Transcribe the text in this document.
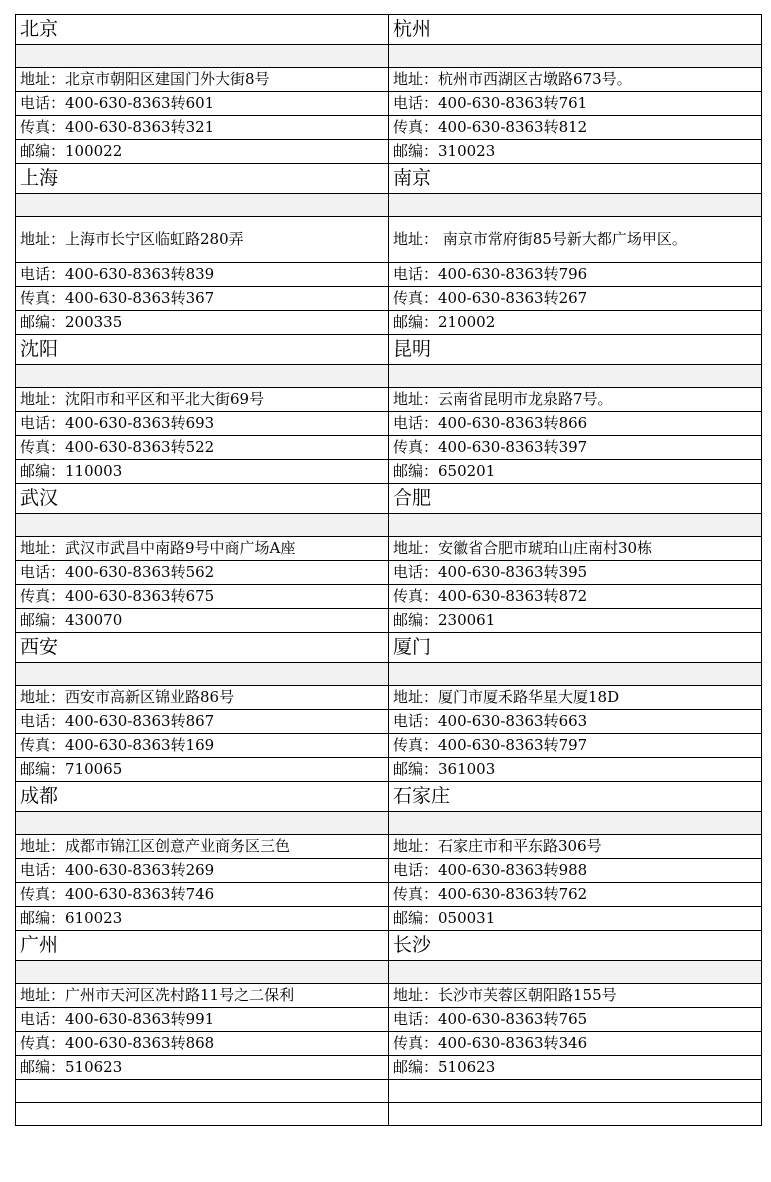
北京	杭州

地址：北京市朝阳区建国门外大街8号	地址：杭州市西湖区古墩路673号。
电话：400-630-8363转601	电话：400-630-8363转761
传真：400-630-8363转321	传真：400-630-8363转812
邮编：100022	邮编：310023
上海	南京

地址：上海市长宁区临虹路280弄	地址： 南京市常府街85号新大都广场甲区。
电话：400-630-8363转839	电话：400-630-8363转796
传真：400-630-8363转367	传真：400-630-8363转267
邮编：200335	邮编：210002
沈阳	昆明

地址：沈阳市和平区和平北大街69号	地址：云南省昆明市龙泉路7号。
电话：400-630-8363转693	电话：400-630-8363转866
传真：400-630-8363转522	传真：400-630-8363转397
邮编：110003	邮编：650201
武汉	合肥

地址：武汉市武昌中南路9号中商广场A座	地址：安徽省合肥市琥珀山庄南村30栋
电话：400-630-8363转562	电话：400-630-8363转395
传真：400-630-8363转675	传真：400-630-8363转872
邮编：430070	邮编：230061
西安	厦门

地址：西安市高新区锦业路86号	地址：厦门市厦禾路华星大厦18D
电话：400-630-8363转867	电话：400-630-8363转663
传真：400-630-8363转169	传真：400-630-8363转797
邮编：710065	邮编：361003
成都	石家庄

地址：成都市锦江区创意产业商务区三色	地址：石家庄市和平东路306号
电话：400-630-8363转269	电话：400-630-8363转988
传真：400-630-8363转746	传真：400-630-8363转762
邮编：610023	邮编：050031
广州	长沙

地址：广州市天河区冼村路11号之二保利	地址：长沙市芙蓉区朝阳路155号
电话：400-630-8363转991	电话：400-630-8363转765
传真：400-630-8363转868	传真：400-630-8363转346
邮编：510623	邮编：510623
